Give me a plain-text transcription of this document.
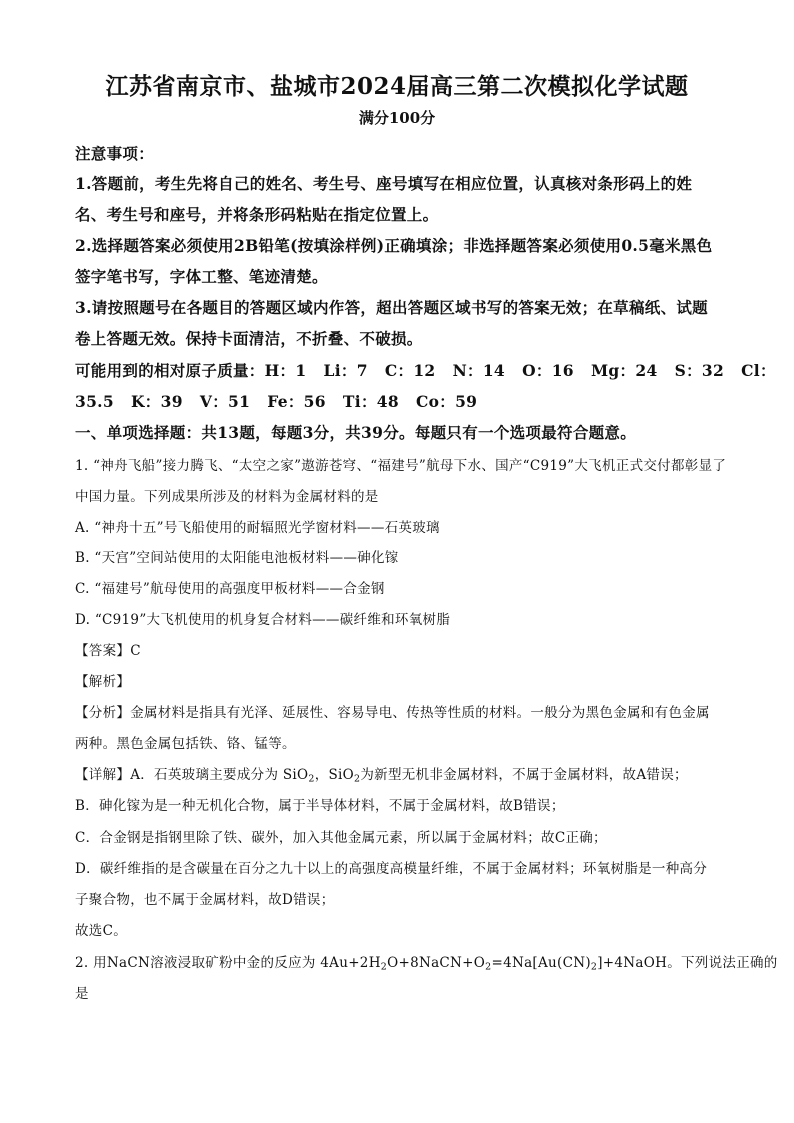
江苏省南京市、盐城市2024届高三第二次模拟化学试题
满分100分
注意事项：
1.答题前，考生先将自己的姓名、考生号、座号填写在相应位置，认真核对条形码上的姓
名、考生号和座号，并将条形码粘贴在指定位置上。
2.选择题答案必须使用2B铅笔(按填涂样例)正确填涂；非选择题答案必须使用0.5毫米黑色
签字笔书写，字体工整、笔迹清楚。
3.请按照题号在各题目的答题区域内作答，超出答题区域书写的答案无效；在草稿纸、试题
卷上答题无效。保持卡面清洁，不折叠、不破损。
可能用到的相对原子质量：H：1   Li：7   C：12   N：14   O：16   Mg：24   S：32   Cl：
35.5   K：39   V：51   Fe：56   Ti：48   Co：59
一、单项选择题：共13题，每题3分，共39分。每题只有一个选项最符合题意。
1. “神舟飞船”接力腾飞、“太空之家”遨游苍穹、“福建号”航母下水、国产“C919”大飞机正式交付都彰显了
中国力量。下列成果所涉及的材料为金属材料的是
A. “神舟十五”号飞船使用的耐辐照光学窗材料——石英玻璃
B. “天宫”空间站使用的太阳能电池板材料——砷化镓
C. “福建号”航母使用的高强度甲板材料——合金钢
D. “C919”大飞机使用的机身复合材料——碳纤维和环氧树脂
【答案】C
【解析】
【分析】金属材料是指具有光泽、延展性、容易导电、传热等性质的材料。一般分为黑色金属和有色金属
两种。黑色金属包括铁、铬、锰等。
【详解】A．石英玻璃主要成分为 SiO$_2$，SiO$_2$为新型无机非金属材料，不属于金属材料，故A错误；
B．砷化镓为是一种无机化合物，属于半导体材料，不属于金属材料，故B错误；
C．合金钢是指钢里除了铁、碳外，加入其他金属元素，所以属于金属材料；故C正确；
D．碳纤维指的是含碳量在百分之九十以上的高强度高模量纤维，不属于金属材料；环氧树脂是一种高分
子聚合物，也不属于金属材料，故D错误；
故选C。
2. 用NaCN溶液浸取矿粉中金的反应为 $4Au+2H_2O+8NaCN+O_2=4Na[Au(CN)_2]+4NaOH$。下列说法正确的
是
